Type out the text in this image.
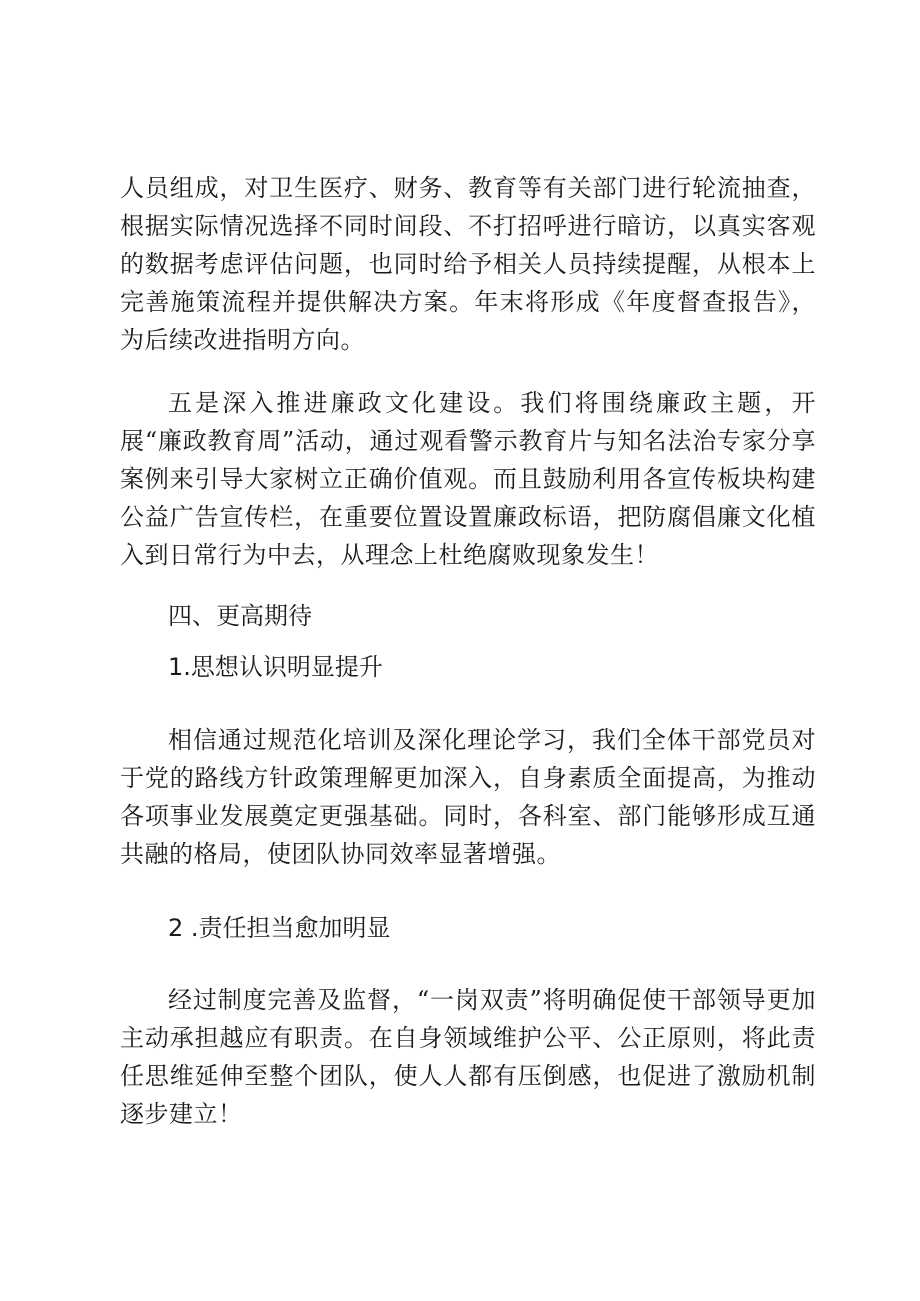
人员组成，对卫生医疗、财务、教育等有关部门进行轮流抽查，根据实际情况选择不同时间段、不打招呼进行暗访，以真实客观的数据考虑评估问题，也同时给予相关人员持续提醒，从根本上完善施策流程并提供解决方案。年末将形成《年度督查报告》，为后续改进指明方向。

五是深入推进廉政文化建设。我们将围绕廉政主题，开展“廉政教育周”活动，通过观看警示教育片与知名法治专家分享案例来引导大家树立正确价值观。而且鼓励利用各宣传板块构建公益广告宣传栏，在重要位置设置廉政标语，把防腐倡廉文化植入到日常行为中去，从理念上杜绝腐败现象发生！

四、更高期待
1.思想认识明显提升

相信通过规范化培训及深化理论学习，我们全体干部党员对于党的路线方针政策理解更加深入，自身素质全面提高，为推动各项事业发展奠定更强基础。同时，各科室、部门能够形成互通共融的格局，使团队协同效率显著增强。

2 .责任担当愈加明显

经过制度完善及监督，“一岗双责”将明确促使干部领导更加主动承担越应有职责。在自身领域维护公平、公正原则，将此责任思维延伸至整个团队，使人人都有压倒感，也促进了激励机制逐步建立！
